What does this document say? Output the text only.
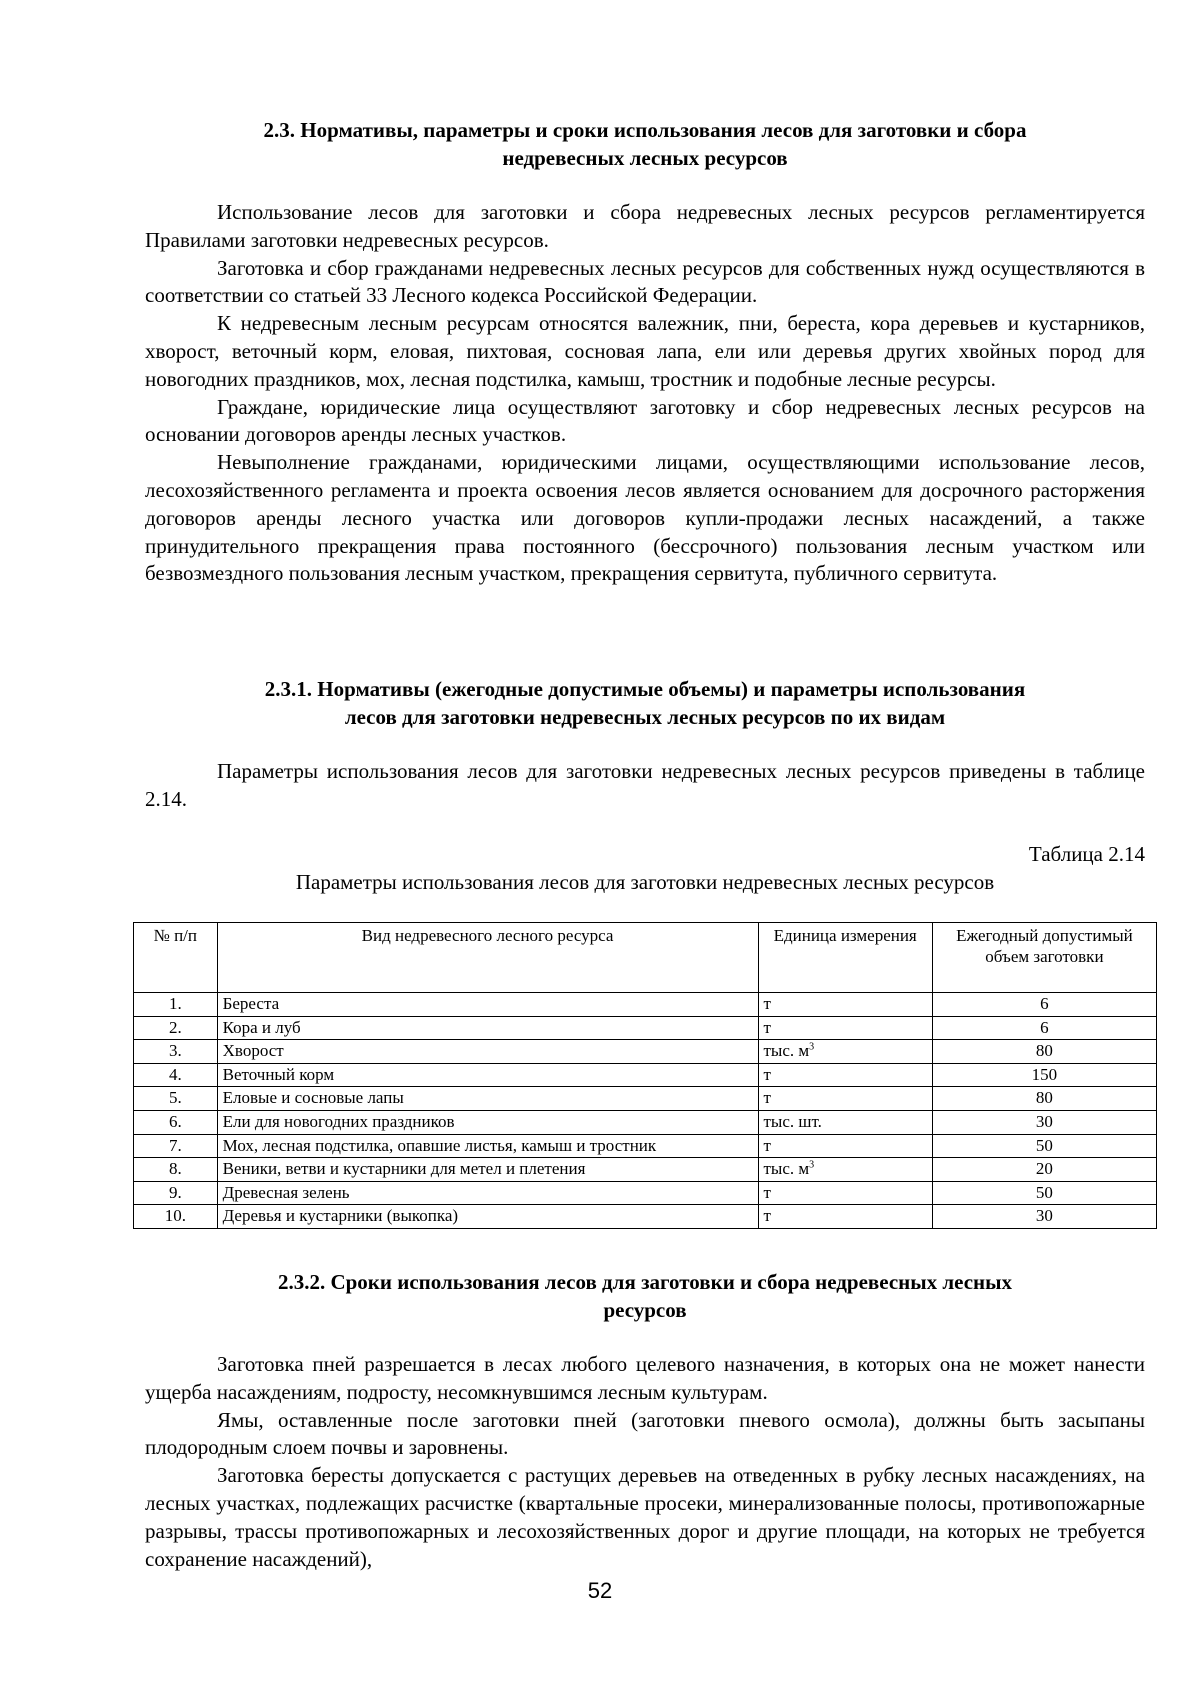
2.3. Нормативы, параметры и сроки использования лесов для заготовки и сбора
недревесных лесных ресурсов

Использование лесов для заготовки и сбора недревесных лесных ресурсов регламентируется Правилами заготовки недревесных ресурсов.

Заготовка и сбор гражданами недревесных лесных ресурсов для собственных нужд осуществляются в соответствии со статьей 33 Лесного кодекса Российской Федерации.

К недревесным лесным ресурсам относятся валежник, пни, береста, кора деревьев и кустарников, хворост, веточный корм, еловая, пихтовая, сосновая лапа, ели или деревья других хвойных пород для новогодних праздников, мох, лесная подстилка, камыш, тростник и подобные лесные ресурсы.

Граждане, юридические лица осуществляют заготовку и сбор недревесных лесных ресурсов на основании договоров аренды лесных участков.

Невыполнение гражданами, юридическими лицами, осуществляющими использование лесов, лесохозяйственного регламента и проекта освоения лесов является основанием для досрочного расторжения договоров аренды лесного участка или договоров купли-продажи лесных насаждений, а также принудительного прекращения права постоянного (бессрочного) пользования лесным участком или безвозмездного пользования лесным участком, прекращения сервитута, публичного сервитута.

2.3.1. Нормативы (ежегодные допустимые объемы) и параметры использования
лесов для заготовки недревесных лесных ресурсов по их видам

Параметры использования лесов для заготовки недревесных лесных ресурсов приведены в таблице 2.14.

Таблица 2.14
Параметры использования лесов для заготовки недревесных лесных ресурсов
№ п/п	Вид недревесного лесного ресурса	Единица измерения	Ежегодный допустимый объем заготовки
1.	Береста	т	6
2.	Кора и луб	т	6
3.	Хворост	тыс. $м^3$	80
4.	Веточный корм	т	150
5.	Еловые и сосновые лапы	т	80
6.	Ели для новогодних праздников	тыс. шт.	30
7.	Мох, лесная подстилка, опавшие листья, камыш и тростник	т	50
8.	Веники, ветви и кустарники для метел и плетения	тыс. $м^3$	20
9.	Древесная зелень	т	50
10.	Деревья и кустарники (выкопка)	т	30
2.3.2. Сроки использования лесов для заготовки и сбора недревесных лесных
ресурсов

Заготовка пней разрешается в лесах любого целевого назначения, в которых она не может нанести ущерба насаждениям, подросту, несомкнувшимся лесным культурам.

Ямы, оставленные после заготовки пней (заготовки пневого осмола), должны быть засыпаны плодородным слоем почвы и заровнены.

Заготовка бересты допускается с растущих деревьев на отведенных в рубку лесных насаждениях, на лесных участках, подлежащих расчистке (квартальные просеки, минерализованные полосы, противопожарные разрывы, трассы противопожарных и лесохозяйственных дорог и другие площади, на которых не требуется сохранение насаждений),

52
